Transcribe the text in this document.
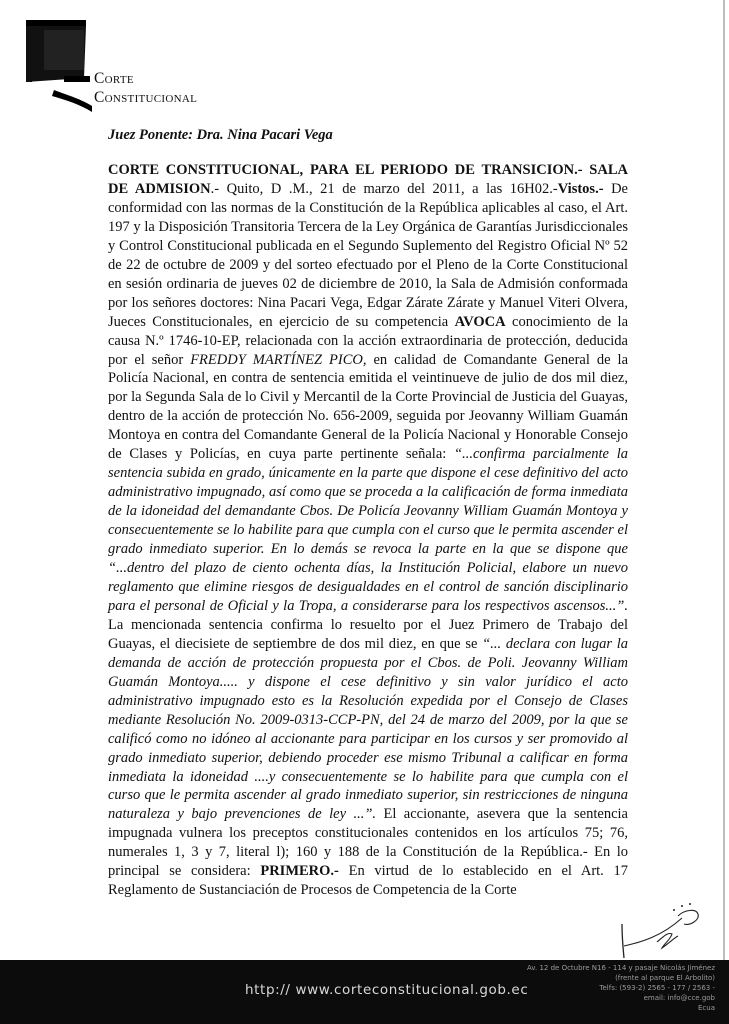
Corte
Constitucional
Juez Ponente: Dra. Nina Pacari Vega

CORTE CONSTITUCIONAL, PARA EL PERIODO DE TRANSICION.- SALA DE ADMISION.- Quito, D .M., 21 de marzo del 2011, a las 16H02.-Vistos.- De conformidad con las normas de la Constitución de la República aplicables al caso, el Art. 197 y la Disposición Transitoria Tercera de la Ley Orgánica de Garantías Jurisdiccionales y Control Constitucional publicada en el Segundo Suplemento del Registro Oficial Nº 52 de 22 de octubre de 2009 y del sorteo efectuado por el Pleno de la Corte Constitucional en sesión ordinaria de jueves 02 de diciembre de 2010, la Sala de Admisión conformada por los señores doctores: Nina Pacari Vega, Edgar Zárate Zárate y Manuel Viteri Olvera, Jueces Constitucionales, en ejercicio de su competencia AVOCA conocimiento de la causa N.º 1746-10-EP, relacionada con la acción extraordinaria de protección, deducida por el señor FREDDY MARTÍNEZ PICO, en calidad de Comandante General de la Policía Nacional, en contra de sentencia emitida el veintinueve de julio de dos mil diez, por la Segunda Sala de lo Civil y Mercantil de la Corte Provincial de Justicia del Guayas, dentro de la acción de protección No. 656-2009, seguida por Jeovanny William Guamán Montoya en contra del Comandante General de la Policía Nacional y Honorable Consejo de Clases y Policías, en cuya parte pertinente señala: “...confirma parcialmente la sentencia subida en grado, únicamente en la parte que dispone el cese definitivo del acto administrativo impugnado, así como que se proceda a la calificación de forma inmediata de la idoneidad del demandante Cbos. De Policía Jeovanny William Guamán Montoya y consecuentemente se lo habilite para que cumpla con el curso que le permita ascender el grado inmediato superior. En lo demás se revoca la parte en la que se dispone que “...dentro del plazo de ciento ochenta días, la Institución Policial, elabore un nuevo reglamento que elimine riesgos de desigualdades en el control de sanción disciplinario para el personal de Oficial y la Tropa, a considerarse para los respectivos ascensos...”. La mencionada sentencia confirma lo resuelto por el Juez Primero de Trabajo del Guayas, el diecisiete de septiembre de dos mil diez, en que se “... declara con lugar la demanda de acción de protección propuesta por el Cbos. de Poli. Jeovanny William Guamán Montoya..... y dispone el cese definitivo y sin valor jurídico el acto administrativo impugnado esto es la Resolución expedida por el Consejo de Clases mediante Resolución No. 2009-0313-CCP-PN, del 24 de marzo del 2009, por la que se calificó como no idóneo al accionante para participar en los cursos y ser promovido al grado inmediato superior, debiendo proceder ese mismo Tribunal a calificar en forma inmediata la idoneidad ....y consecuentemente se lo habilite para que cumpla con el curso que le permita ascender al grado inmediato superior, sin restricciones de ninguna naturaleza y bajo prevenciones de ley ...”. El accionante, asevera que la sentencia impugnada vulnera los preceptos constitucionales contenidos en los artículos 75; 76, numerales 1, 3 y 7, literal l); 160 y 188 de la Constitución de la República.- En lo principal se considera: PRIMERO.- En virtud de lo establecido en el Art. 17 Reglamento de Sustanciación de Procesos de Competencia de la Corte

http:// www.corteconstitucional.gob.ec
Av. 12 de Octubre N16 - 114 y pasaje Nicolás Jiménez
(frente al parque El Arbolito)
Telfs: (593-2) 2565 - 177 / 2563 -
email: info@cce.gob
Ecua
